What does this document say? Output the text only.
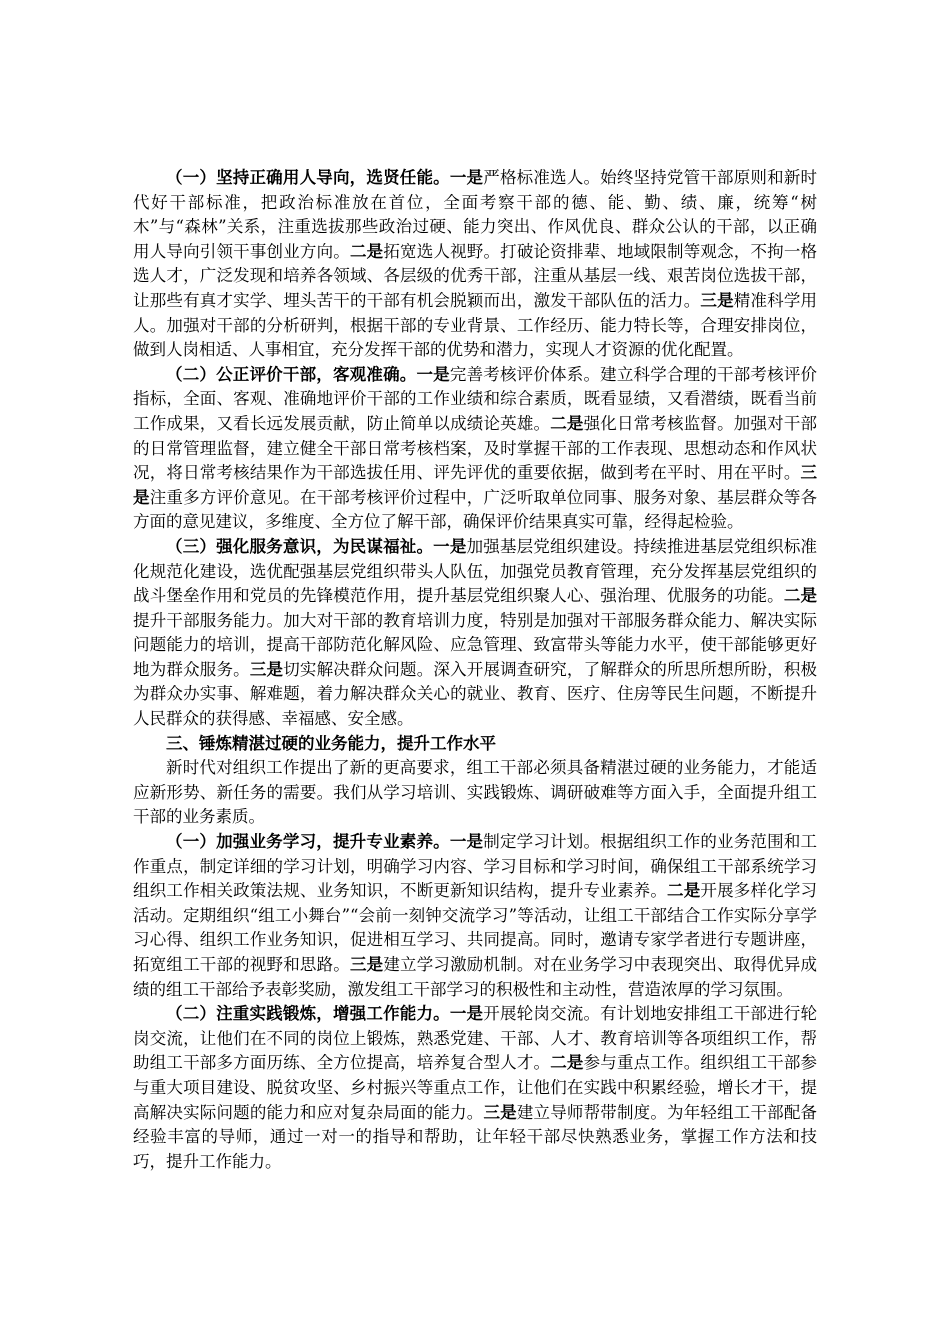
（一）坚持正确用人导向，选贤任能。一是严格标准选人。始终坚持党管干部原则和新时代好干部标准，把政治标准放在首位，全面考察干部的德、能、勤、绩、廉，统筹“树木”与“森林”关系，注重选拔那些政治过硬、能力突出、作风优良、群众公认的干部，以正确用人导向引领干事创业方向。二是拓宽选人视野。打破论资排辈、地域限制等观念，不拘一格选人才，广泛发现和培养各领域、各层级的优秀干部，注重从基层一线、艰苦岗位选拔干部，让那些有真才实学、埋头苦干的干部有机会脱颖而出，激发干部队伍的活力。三是精准科学用人。加强对干部的分析研判，根据干部的专业背景、工作经历、能力特长等，合理安排岗位，做到人岗相适、人事相宜，充分发挥干部的优势和潜力，实现人才资源的优化配置。

（二）公正评价干部，客观准确。一是完善考核评价体系。建立科学合理的干部考核评价指标，全面、客观、准确地评价干部的工作业绩和综合素质，既看显绩，又看潜绩，既看当前工作成果，又看长远发展贡献，防止简单以成绩论英雄。二是强化日常考核监督。加强对干部的日常管理监督，建立健全干部日常考核档案，及时掌握干部的工作表现、思想动态和作风状况，将日常考核结果作为干部选拔任用、评先评优的重要依据，做到考在平时、用在平时。三是注重多方评价意见。在干部考核评价过程中，广泛听取单位同事、服务对象、基层群众等各方面的意见建议，多维度、全方位了解干部，确保评价结果真实可靠，经得起检验。

（三）强化服务意识，为民谋福祉。一是加强基层党组织建设。持续推进基层党组织标准化规范化建设，选优配强基层党组织带头人队伍，加强党员教育管理，充分发挥基层党组织的战斗堡垒作用和党员的先锋模范作用，提升基层党组织聚人心、强治理、优服务的功能。二是提升干部服务能力。加大对干部的教育培训力度，特别是加强对干部服务群众能力、解决实际问题能力的培训，提高干部防范化解风险、应急管理、致富带头等能力水平，使干部能够更好地为群众服务。三是切实解决群众问题。深入开展调查研究，了解群众的所思所想所盼，积极为群众办实事、解难题，着力解决群众关心的就业、教育、医疗、住房等民生问题，不断提升人民群众的获得感、幸福感、安全感。

三、锤炼精湛过硬的业务能力，提升工作水平

新时代对组织工作提出了新的更高要求，组工干部必须具备精湛过硬的业务能力，才能适应新形势、新任务的需要。我们从学习培训、实践锻炼、调研破难等方面入手，全面提升组工干部的业务素质。

（一）加强业务学习，提升专业素养。一是制定学习计划。根据组织工作的业务范围和工作重点，制定详细的学习计划，明确学习内容、学习目标和学习时间，确保组工干部系统学习组织工作相关政策法规、业务知识，不断更新知识结构，提升专业素养。二是开展多样化学习活动。定期组织“组工小舞台”“会前一刻钟交流学习”等活动，让组工干部结合工作实际分享学习心得、组织工作业务知识，促进相互学习、共同提高。同时，邀请专家学者进行专题讲座，拓宽组工干部的视野和思路。三是建立学习激励机制。对在业务学习中表现突出、取得优异成绩的组工干部给予表彰奖励，激发组工干部学习的积极性和主动性，营造浓厚的学习氛围。

（二）注重实践锻炼，增强工作能力。一是开展轮岗交流。有计划地安排组工干部进行轮岗交流，让他们在不同的岗位上锻炼，熟悉党建、干部、人才、教育培训等各项组织工作，帮助组工干部多方面历练、全方位提高，培养复合型人才。二是参与重点工作。组织组工干部参与重大项目建设、脱贫攻坚、乡村振兴等重点工作，让他们在实践中积累经验，增长才干，提高解决实际问题的能力和应对复杂局面的能力。三是建立导师帮带制度。为年轻组工干部配备经验丰富的导师，通过一对一的指导和帮助，让年轻干部尽快熟悉业务，掌握工作方法和技巧，提升工作能力。
